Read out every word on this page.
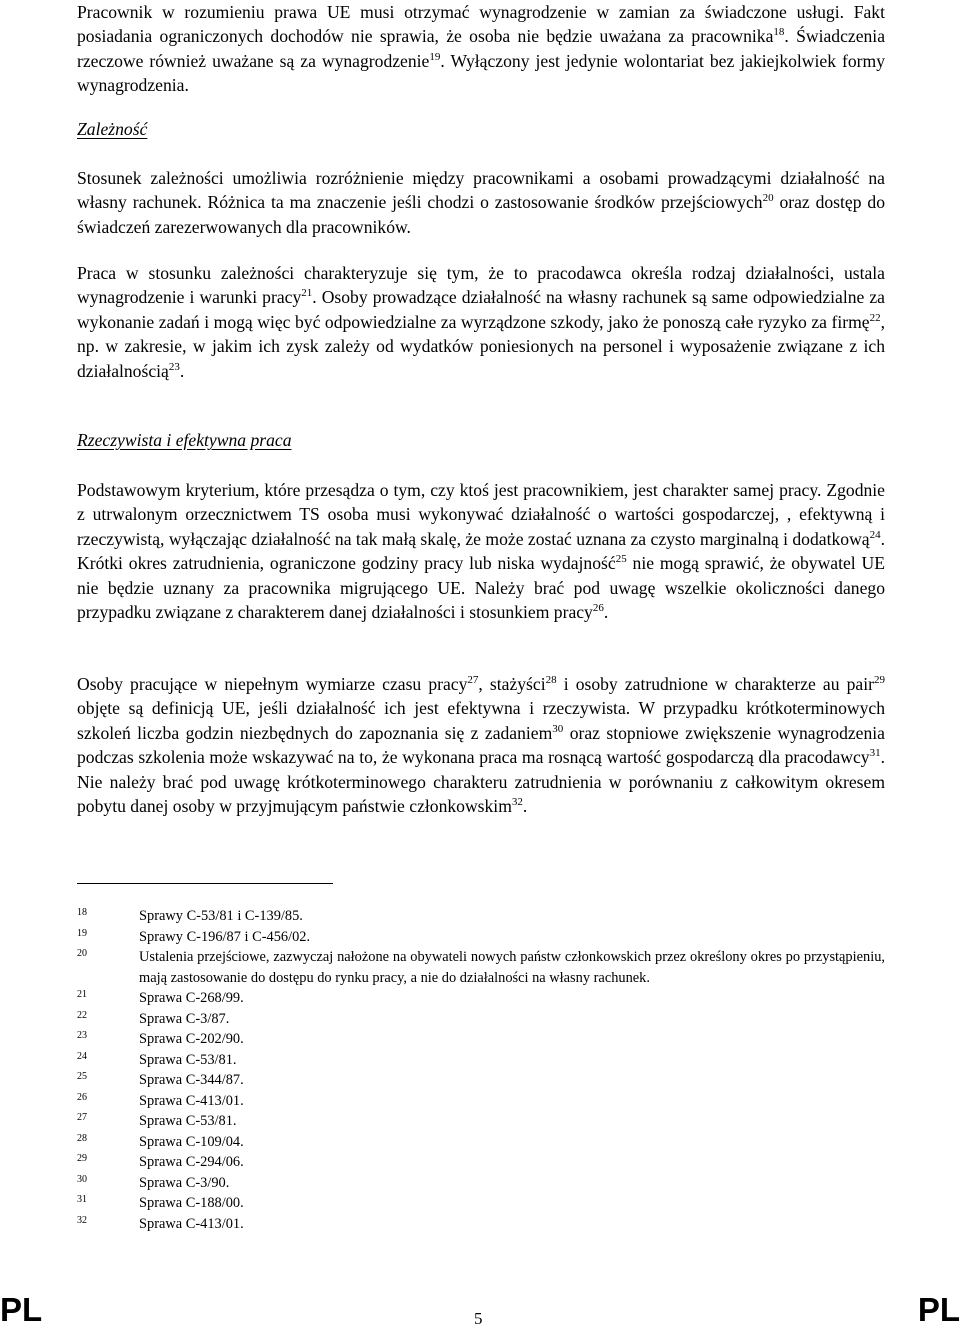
Pracownik w rozumieniu prawa UE musi otrzymać wynagrodzenie w zamian za świadczone usługi. Fakt posiadania ograniczonych dochodów nie sprawia, że osoba nie będzie uważana za pracownika$^{18}$. Świadczenia rzeczowe również uważane są za wynagrodzenie$^{19}$. Wyłączony jest jedynie wolontariat bez jakiejkolwiek formy wynagrodzenia.

Zależność

Stosunek zależności umożliwia rozróżnienie między pracownikami a osobami prowadzącymi działalność na własny rachunek. Różnica ta ma znaczenie jeśli chodzi o zastosowanie środków przejściowych$^{20}$ oraz dostęp do świadczeń zarezerwowanych dla pracowników.

Praca w stosunku zależności charakteryzuje się tym, że to pracodawca określa rodzaj działalności, ustala wynagrodzenie i warunki pracy$^{21}$. Osoby prowadzące działalność na własny rachunek są same odpowiedzialne za wykonanie zadań i mogą więc być odpowiedzialne za wyrządzone szkody, jako że ponoszą całe ryzyko za firmę$^{22}$, np. w zakresie, w jakim ich zysk zależy od wydatków poniesionych na personel i wyposażenie związane z ich działalnością$^{23}$.

Rzeczywista i efektywna praca

Podstawowym kryterium, które przesądza o tym, czy ktoś jest pracownikiem, jest charakter samej pracy. Zgodnie z utrwalonym orzecznictwem TS osoba musi wykonywać działalność o wartości gospodarczej, , efektywną i rzeczywistą, wyłączając działalność na tak małą skalę, że może zostać uznana za czysto marginalną i dodatkową$^{24}$. Krótki okres zatrudnienia, ograniczone godziny pracy lub niska wydajność$^{25}$ nie mogą sprawić, że obywatel UE nie będzie uznany za pracownika migrującego UE. Należy brać pod uwagę wszelkie okoliczności danego przypadku związane z charakterem danej działalności i stosunkiem pracy$^{26}$.

Osoby pracujące w niepełnym wymiarze czasu pracy$^{27}$, stażyści$^{28}$ i osoby zatrudnione w charakterze au pair$^{29}$ objęte są definicją UE, jeśli działalność ich jest efektywna i rzeczywista. W przypadku krótkoterminowych szkoleń liczba godzin niezbędnych do zapoznania się z zadaniem$^{30}$ oraz stopniowe zwiększenie wynagrodzenia podczas szkolenia może wskazywać na to, że wykonana praca ma rosnącą wartość gospodarczą dla pracodawcy$^{31}$. Nie należy brać pod uwagę krótkoterminowego charakteru zatrudnienia w porównaniu z całkowitym okresem pobytu danej osoby w przyjmującym państwie członkowskim$^{32}$.

18	Sprawy C-53/81 i C-139/85.
19	Sprawy C-196/87 i C-456/02.
20	Ustalenia przejściowe, zazwyczaj nałożone na obywateli nowych państw członkowskich przez określony okres po przystąpieniu, mają zastosowanie do dostępu do rynku pracy, a nie do działalności na własny rachunek.
21	Sprawa C-268/99.
22	Sprawa C-3/87.
23	Sprawa C-202/90.
24	Sprawa C-53/81.
25	Sprawa C-344/87.
26	Sprawa C-413/01.
27	Sprawa C-53/81.
28	Sprawa C-109/04.
29	Sprawa C-294/06.
30	Sprawa C-3/90.
31	Sprawa C-188/00.
32	Sprawa C-413/01.
PL	5	PL
